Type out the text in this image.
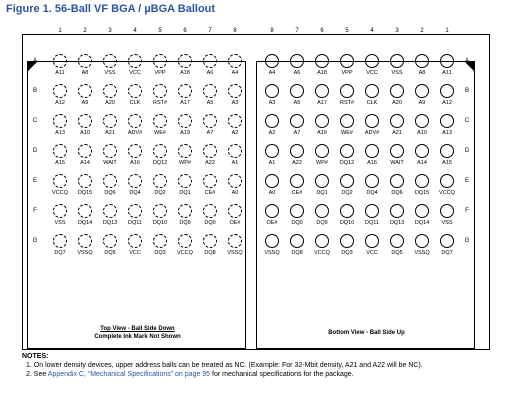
Figure 1. 56-Ball VF BGA / µBGA Ballout
Top View - Ball Side Down
Complete Ink Mark Not Shown
Bottom View - Ball Side Up
NOTES:
1. On lower density devices, upper address balls can be treated as NC. (Example: For 32-Mbit density, A21 and A22 will be NC).
2. See Appendix C, “Mechanical Specifications” on page 95 for mechanical specifications for the package.
1	2	3	4	5	6	7	8
A11	A8	VSS	VCC	VPP	A18	A6	A4
A12	A9	A20	CLK	RST#	A17	A5	A3
A13	A10	A21	ADV#	WE#	A19	A7	A2
A15	A14	WAIT	A16	DQ12	WP#	A22	A1
VCCQ	DQ15	DQ6	DQ4	DQ2	DQ1	CE#	A0
VSS	DQ14	DQ13	DQ11	DQ10	DQ9	DQ0	OE#
DQ7	VSSQ	DQ5	VCC	DQ3	VCCQ	DQ8	VSSQ
8	7	6	5	4	3	2	1
A4	A6	A18	VPP	VCC	VSS	A8	A11
A3	A5	A17	RST#	CLK	A20	A9	A12
A2	A7	A19	WE#	ADV#	A21	A10	A13
A1	A22	WP#	DQ12	A16	WAIT	A14	A15
A0	CE#	DQ1	DQ2	DQ4	DQ6	DQ15	VCCQ
OE#	DQ0	DQ9	DQ10	DQ11	DQ13	DQ14	VSS
VSSQ	DQ8	VCCQ	DQ3	VCC	DQ5	VSSQ	DQ7
A
B
C
D
E
F
G
A
B
C
D
E
F
G
